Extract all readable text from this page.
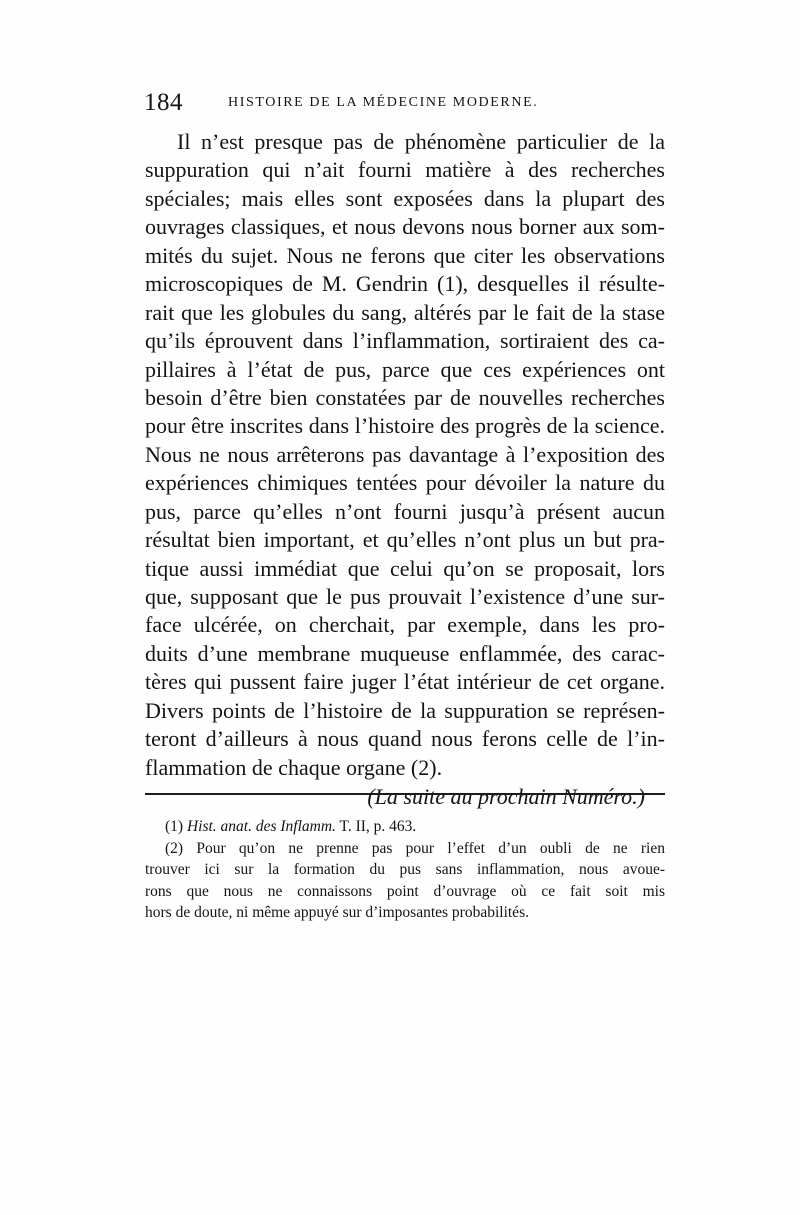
184	HISTOIRE DE LA MÉDECINE MODERNE.
Il n’est presque pas de phénomène particulier de la
suppuration qui n’ait fourni matière à des recherches
spéciales; mais elles sont exposées dans la plupart des
ouvrages classiques, et nous devons nous borner aux som-
mités du sujet. Nous ne ferons que citer les observations
microscopiques de M. Gendrin (1), desquelles il résulte-
rait que les globules du sang, altérés par le fait de la stase
qu’ils éprouvent dans l’inflammation, sortiraient des ca-
pillaires à l’état de pus, parce que ces expériences ont
besoin d’être bien constatées par de nouvelles recherches
pour être inscrites dans l’histoire des progrès de la science.
Nous ne nous arrêterons pas davantage à l’exposition des
expériences chimiques tentées pour dévoiler la nature du
pus, parce qu’elles n’ont fourni jusqu’à présent aucun
résultat bien important, et qu’elles n’ont plus un but pra-
tique aussi immédiat que celui qu’on se proposait, lors
que, supposant que le pus prouvait l’existence d’une sur-
face ulcérée, on cherchait, par exemple, dans les pro-
duits d’une membrane muqueuse enflammée, des carac-
tères qui pussent faire juger l’état intérieur de cet organe.
Divers points de l’histoire de la suppuration se représen-
teront d’ailleurs à nous quand nous ferons celle de l’in-
flammation de chaque organe (2).
(La suite au prochain Numéro.)
(1) Hist. anat. des Inflamm. T. II, p. 463.
(2) Pour qu’on ne prenne pas pour l’effet d’un oubli de ne rien
trouver ici sur la formation du pus sans inflammation, nous avoue-
rons que nous ne connaissons point d’ouvrage où ce fait soit mis
hors de doute, ni même appuyé sur d’imposantes probabilités.
